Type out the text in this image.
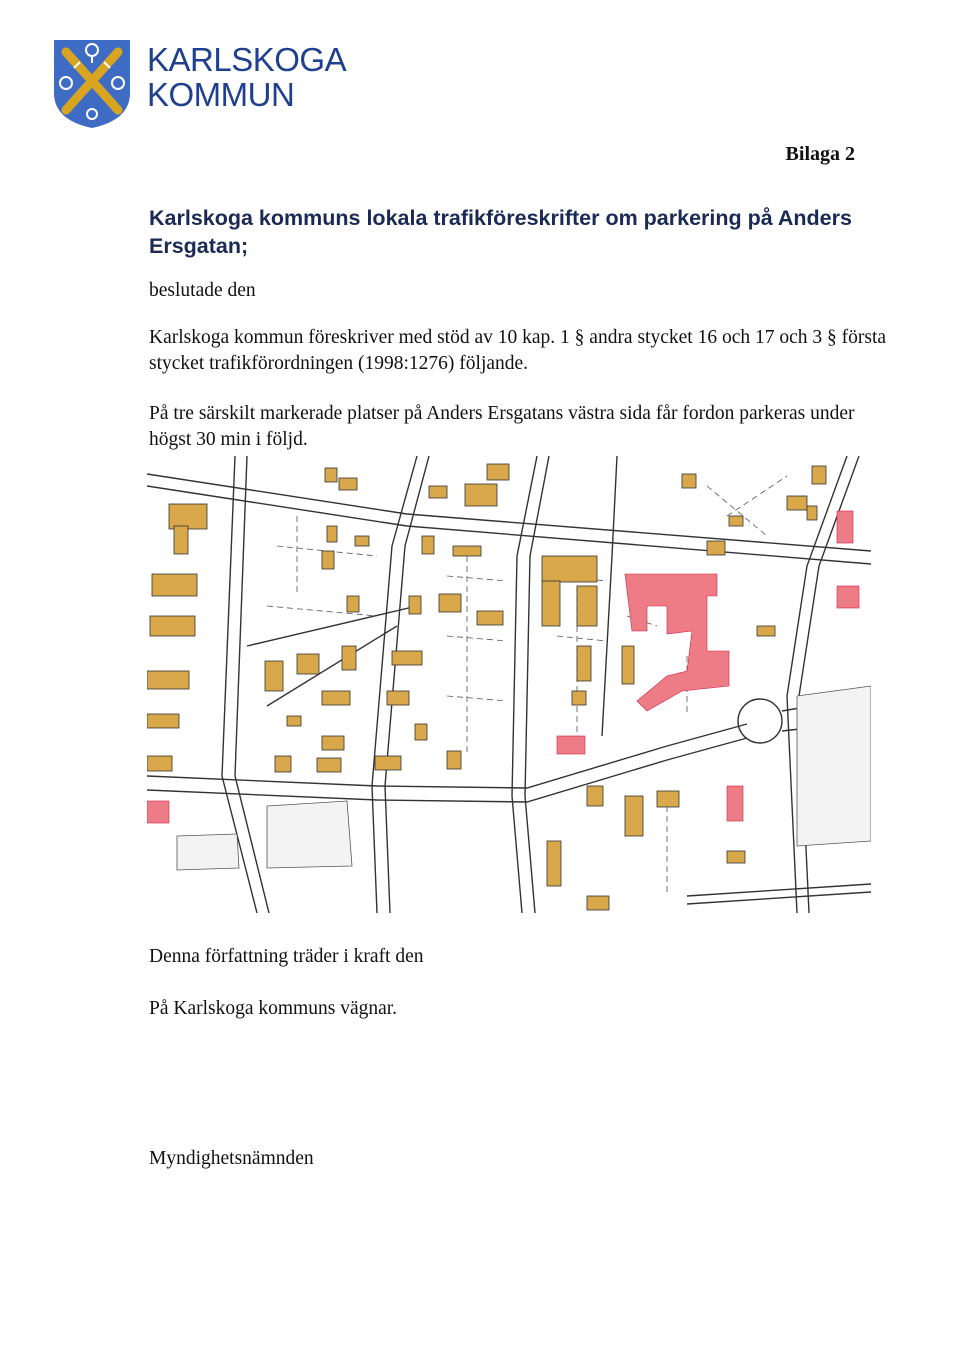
KARLSKOGA
KOMMUN
Bilaga 2
Karlskoga kommuns lokala trafikföreskrifter om parkering på Anders Ersgatan;
beslutade den
Karlskoga kommun föreskriver med stöd av 10 kap. 1 § andra stycket 16 och 17 och 3 § första stycket trafikförordningen (1998:1276) följande.
På tre särskilt markerade platser på Anders Ersgatans västra sida får fordon parkeras under högst 30 min i följd.
Denna författning träder i kraft den
På Karlskoga kommuns vägnar.
Myndighetsnämnden
